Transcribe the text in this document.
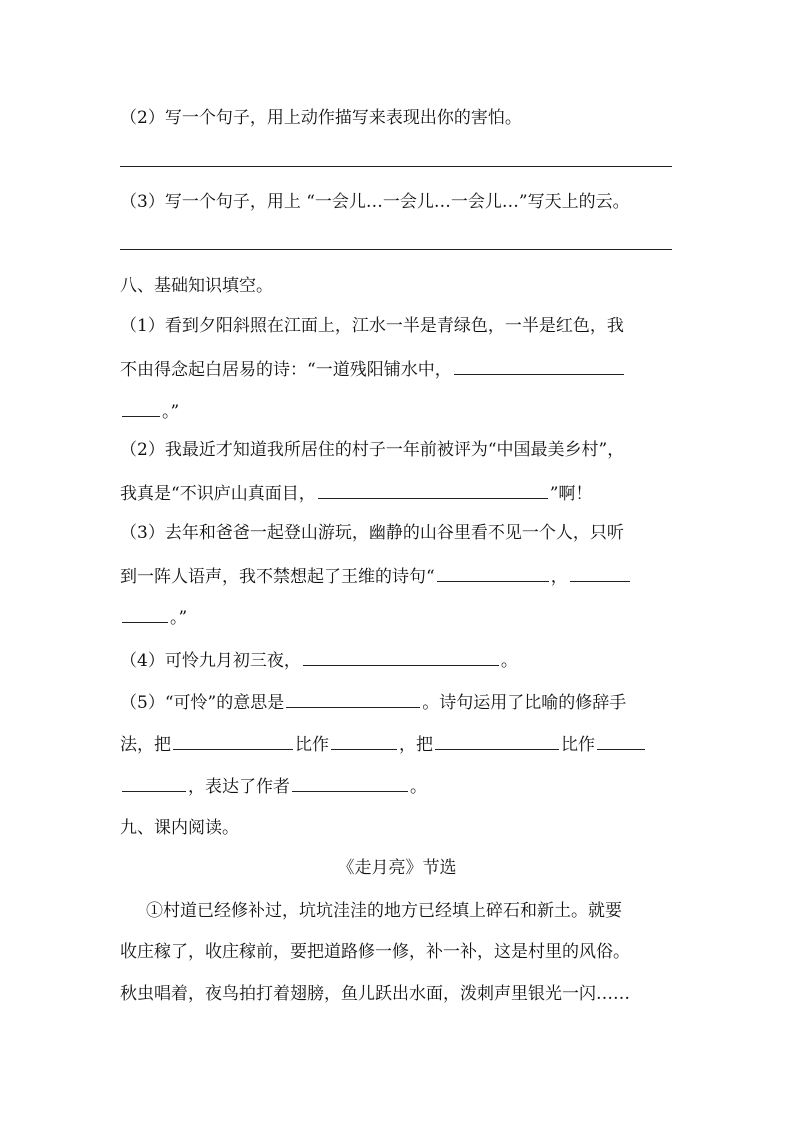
（2）写一个句子，用上动作描写来表现出你的害怕。
（3）写一个句子，用上 “一会儿…一会儿…一会儿…”写天上的云。
八、基础知识填空。
（1）看到夕阳斜照在江面上，江水一半是青绿色，一半是红色，我
不由得念起白居易的诗：“一道残阳铺水中，
。”
（2）我最近才知道我所居住的村子一年前被评为“中国最美乡村”，
我真是“不识庐山真面目，	”啊！
（3）去年和爸爸一起登山游玩，幽静的山谷里看不见一个人，只听
到一阵人语声，我不禁想起了王维的诗句“	，
。”
（4）可怜九月初三夜，	。
（5）“可怜”的意思是	。诗句运用了比喻的修辞手
法，把	比作	，把	比作
，表达了作者	。
九、课内阅读。
《走月亮》节选
①村道已经修补过，坑坑洼洼的地方已经填上碎石和新土。就要
收庄稼了，收庄稼前，要把道路修一修，补一补，这是村里的风俗。
秋虫唱着，夜鸟拍打着翅膀，鱼儿跃出水面，泼刺声里银光一闪……
